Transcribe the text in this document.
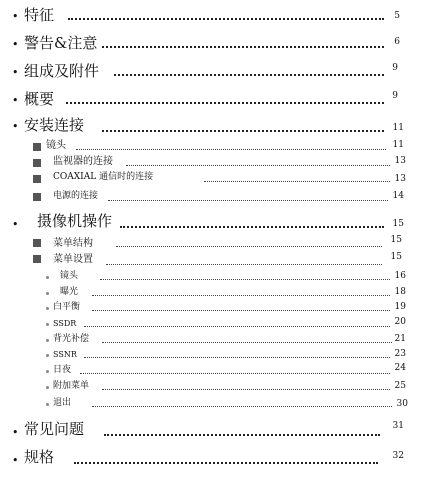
• 特征	5
• 警告&注意	6
• 组成及附件	9
• 概要	9
• 安装连接	11
镜头	11
监视器的连接	13
COAXIAL 通信时的连接	13
电源的连接	14
• 摄像机操作	15
菜单结构	15
菜单设置	15
镜头	16
曝光	18
白平衡	19
SSDR	20
背光补偿	21
SSNR	23
日夜	24
附加菜单	25
退出	30
• 常见问题	31
• 规格	32
